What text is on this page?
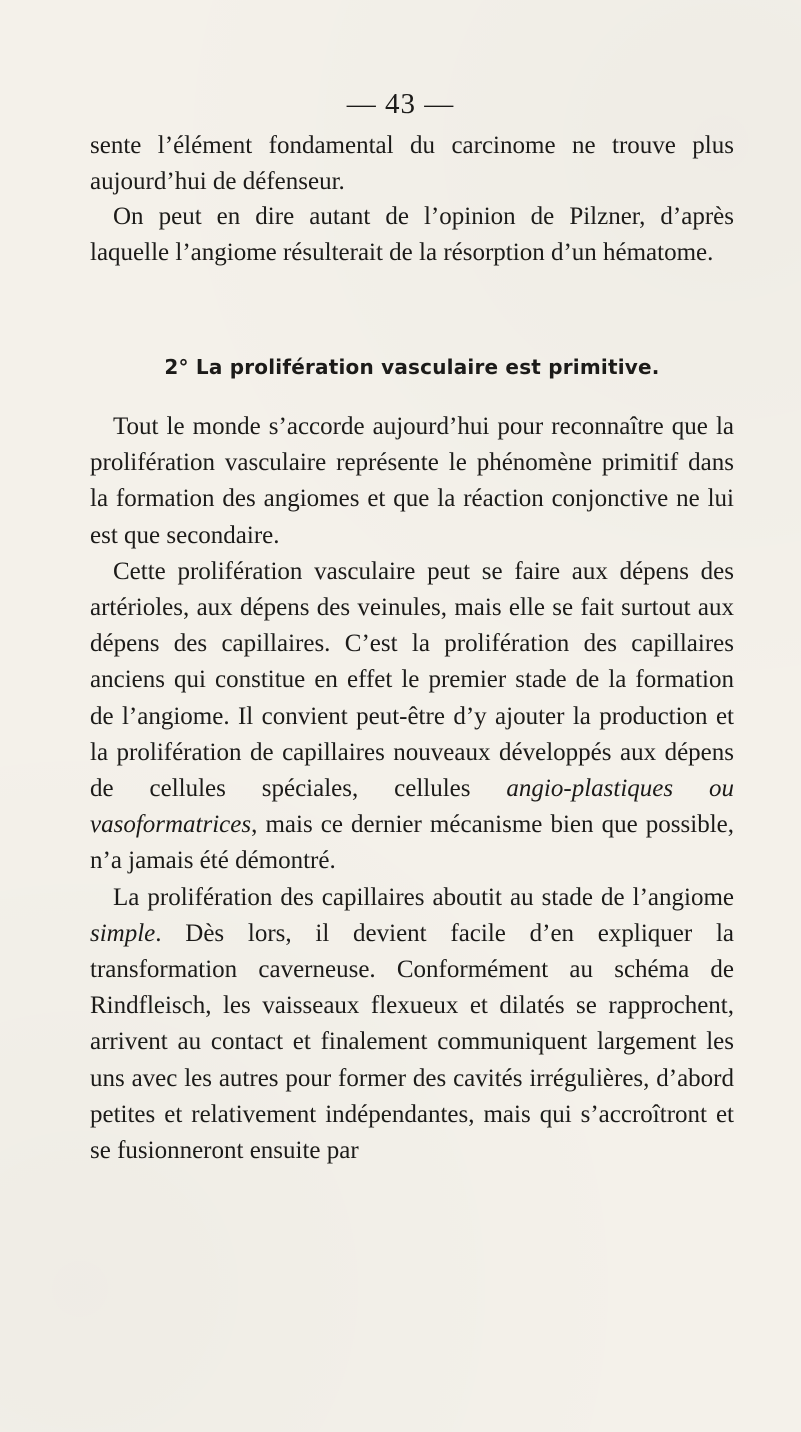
— 43 —

sente l’élément fondamental du carcinome ne trouve plus aujourd’hui de défenseur.

On peut en dire autant de l’opinion de Pilzner, d’après laquelle l’angiome résulterait de la résorption d’un hématome.

2° La prolifération vasculaire est primitive.

Tout le monde s’accorde aujourd’hui pour reconnaître que la prolifération vasculaire représente le phénomène primitif dans la formation des angiomes et que la réaction conjonctive ne lui est que secondaire.

Cette prolifération vasculaire peut se faire aux dépens des artérioles, aux dépens des veinules, mais elle se fait surtout aux dépens des capillaires. C’est la prolifération des capillaires anciens qui constitue en effet le premier stade de la formation de l’angiome. Il convient peut-être d’y ajouter la production et la prolifération de capillaires nouveaux développés aux dépens de cellules spéciales, cellules angio-plastiques ou vasoformatrices, mais ce dernier mécanisme bien que possible, n’a jamais été démontré.

La prolifération des capillaires aboutit au stade de l’angiome simple. Dès lors, il devient facile d’en expliquer la transformation caverneuse. Conformément au schéma de Rindfleisch, les vaisseaux flexueux et dilatés se rapprochent, arrivent au contact et finalement communiquent largement les uns avec les autres pour former des cavités irrégulières, d’abord petites et relativement indépendantes, mais qui s’accroîtront et se fusionneront ensuite par
